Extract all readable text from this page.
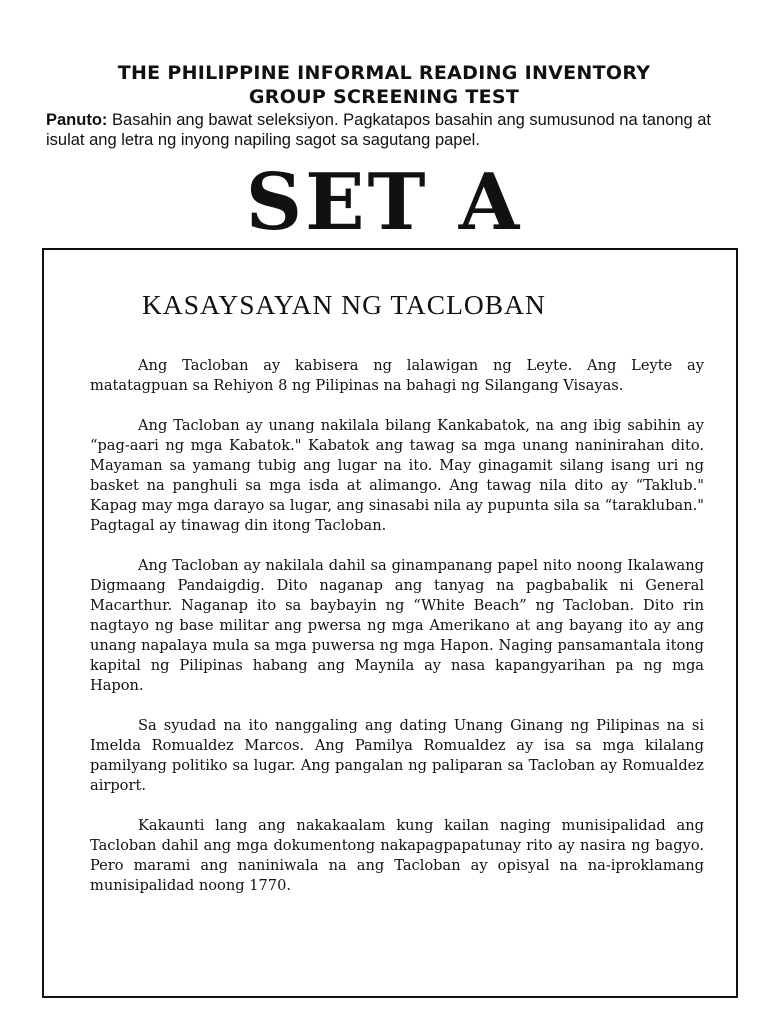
THE PHILIPPINE INFORMAL READING INVENTORY
GROUP SCREENING TEST

Panuto: Basahin ang bawat seleksiyon. Pagkatapos basahin ang sumusunod na tanong at isulat ang letra ng inyong napiling sagot sa sagutang papel.

SET A
KASAYSAYAN NG TACLOBAN

Ang Tacloban ay kabisera ng lalawigan ng Leyte. Ang Leyte ay matatagpuan sa Rehiyon 8 ng Pilipinas na bahagi ng Silangang Visayas.

Ang Tacloban ay unang nakilala bilang Kankabatok, na ang ibig sabihin ay “pag-aari ng mga Kabatok." Kabatok ang tawag sa mga unang naninirahan dito. Mayaman sa yamang tubig ang lugar na ito. May ginagamit silang isang uri ng basket na panghuli sa mga isda at alimango. Ang tawag nila dito ay “Taklub." Kapag may mga darayo sa lugar, ang sinasabi nila ay pupunta sila sa “tarakluban." Pagtagal ay tinawag din itong Tacloban.

Ang Tacloban ay nakilala dahil sa ginampanang papel nito noong Ikalawang Digmaang Pandaigdig. Dito naganap ang tanyag na pagbabalik ni General Macarthur. Naganap ito sa baybayin ng “White Beach” ng Tacloban. Dito rin nagtayo ng base militar ang pwersa ng mga Amerikano at ang bayang ito ay ang unang napalaya mula sa mga puwersa ng mga Hapon. Naging pansamantala itong kapital ng Pilipinas habang ang Maynila ay nasa kapangyarihan pa ng mga Hapon.

Sa syudad na ito nanggaling ang dating Unang Ginang ng Pilipinas na si Imelda Romualdez Marcos. Ang Pamilya Romualdez ay isa sa mga kilalang pamilyang politiko sa lugar. Ang pangalan ng paliparan sa Tacloban ay Romualdez airport.

Kakaunti lang ang nakakaalam kung kailan naging munisipalidad ang Tacloban dahil ang mga dokumentong nakapagpapatunay rito ay nasira ng bagyo. Pero marami ang naniniwala na ang Tacloban ay opisyal na na-iproklamang munisipalidad noong 1770.
